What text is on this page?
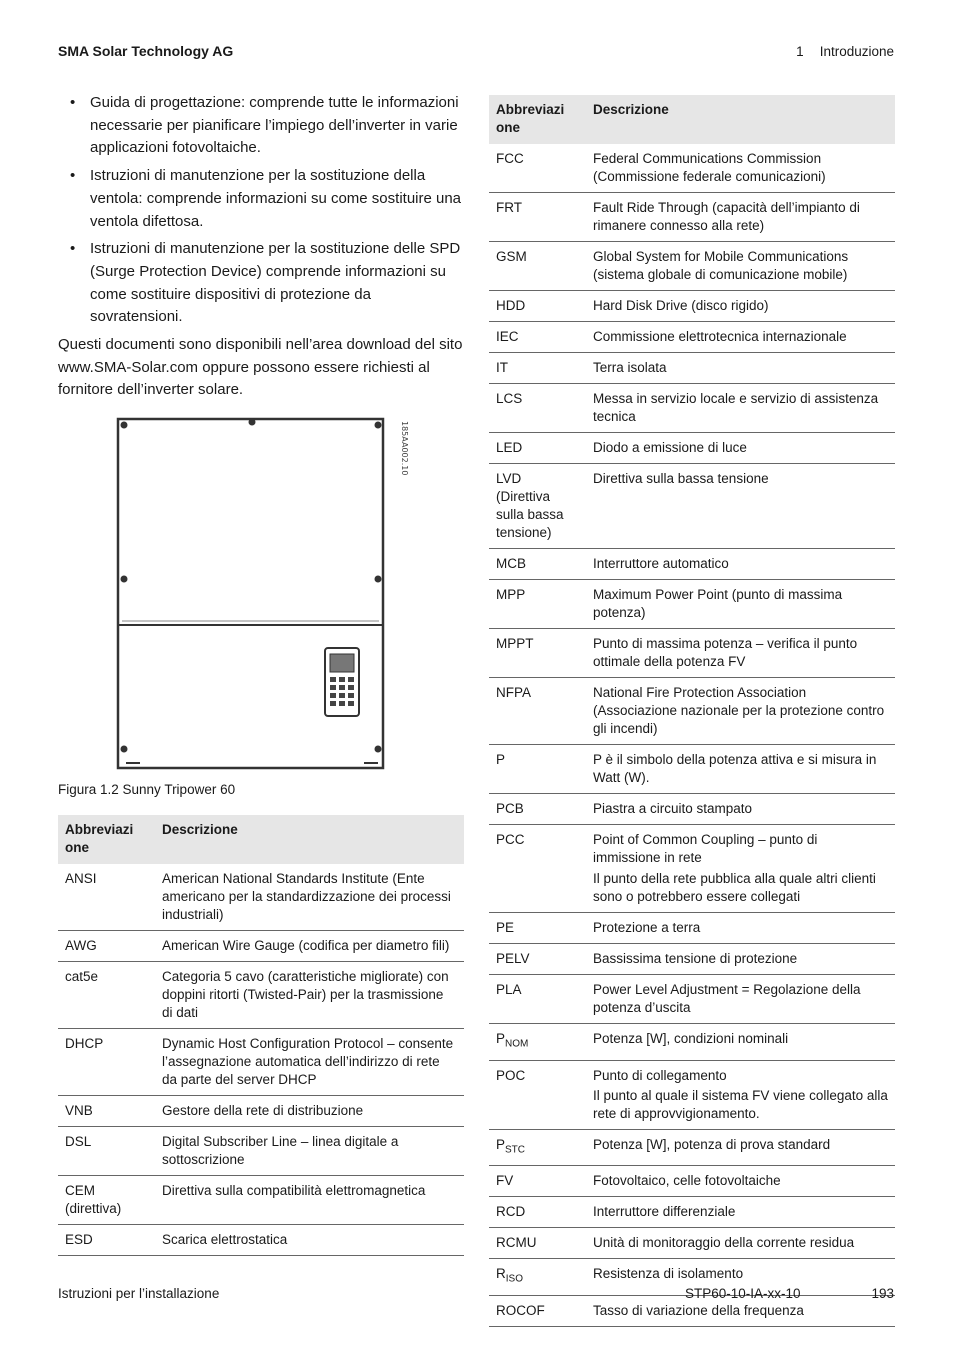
SMA Solar Technology AG	1 Introduzione
• Guida di progettazione: comprende tutte le informazioni necessarie per pianificare l’impiego dell’inverter in varie applicazioni fotovoltaiche.
• Istruzioni di manutenzione per la sostituzione della ventola: comprende informazioni su come sostituire una ventola difettosa.
• Istruzioni di manutenzione per la sostituzione delle SPD (Surge Protection Device) comprende informazioni su come sostituire dispositivi di protezione da sovratensioni.

Questi documenti sono disponibili nell’area download del sito www.SMA-Solar.com oppure possono essere richiesti al fornitore dell’inverter solare.

185AA002.10
Figura 1.2 Sunny Tripower 60
Abbreviazi one	Descrizione
ANSI	American National Standards Institute (Ente americano per la standardizzazione dei processi industriali)
AWG	American Wire Gauge (codifica per diametro fili)
cat5e	Categoria 5 cavo (caratteristiche migliorate) con doppini ritorti (Twisted-Pair) per la trasmissione di dati
DHCP	Dynamic Host Configuration Protocol – consente l’assegnazione automatica dell’indirizzo di rete da parte del server DHCP
VNB	Gestore della rete di distribuzione
DSL	Digital Subscriber Line – linea digitale a sottoscrizione
CEM (direttiva)	Direttiva sulla compatibilità elettromagnetica
ESD	Scarica elettrostatica
Abbreviazi one	Descrizione
FCC	Federal Communications Commission (Commissione federale comunicazioni)
FRT	Fault Ride Through (capacità dell’impianto di rimanere connesso alla rete)
GSM	Global System for Mobile Communications (sistema globale di comunicazione mobile)
HDD	Hard Disk Drive (disco rigido)
IEC	Commissione elettrotecnica internazionale
IT	Terra isolata
LCS	Messa in servizio locale e servizio di assistenza tecnica
LED	Diodo a emissione di luce
LVD (Direttiva sulla bassa tensione)	Direttiva sulla bassa tensione
MCB	Interruttore automatico
MPP	Maximum Power Point (punto di massima potenza)
MPPT	Punto di massima potenza – verifica il punto ottimale della potenza FV
NFPA	National Fire Protection Association (Associazione nazionale per la protezione contro gli incendi)
P	P è il simbolo della potenza attiva e si misura in Watt (W).
PCB	Piastra a circuito stampato
PCC	Point of Common Coupling – punto di immissione in rete
Il punto della rete pubblica alla quale altri clienti sono o potrebbero essere collegati

PE	Protezione a terra
PELV	Bassissima tensione di protezione
PLA	Power Level Adjustment = Regolazione della potenza d’uscita
$P_{NOM}$	Potenza [W], condizioni nominali
POC	Punto di collegamento
Il punto al quale il sistema FV viene collegato alla rete di approvvigionamento.

$P_{STC}$	Potenza [W], potenza di prova standard
FV	Fotovoltaico, celle fotovoltaiche
RCD	Interruttore differenziale
RCMU	Unità di monitoraggio della corrente residua
$R_{ISO}$	Resistenza di isolamento
ROCOF	Tasso di variazione della frequenza
Istruzioni per l’installazione	STP60-10-IA-xx-10	193
